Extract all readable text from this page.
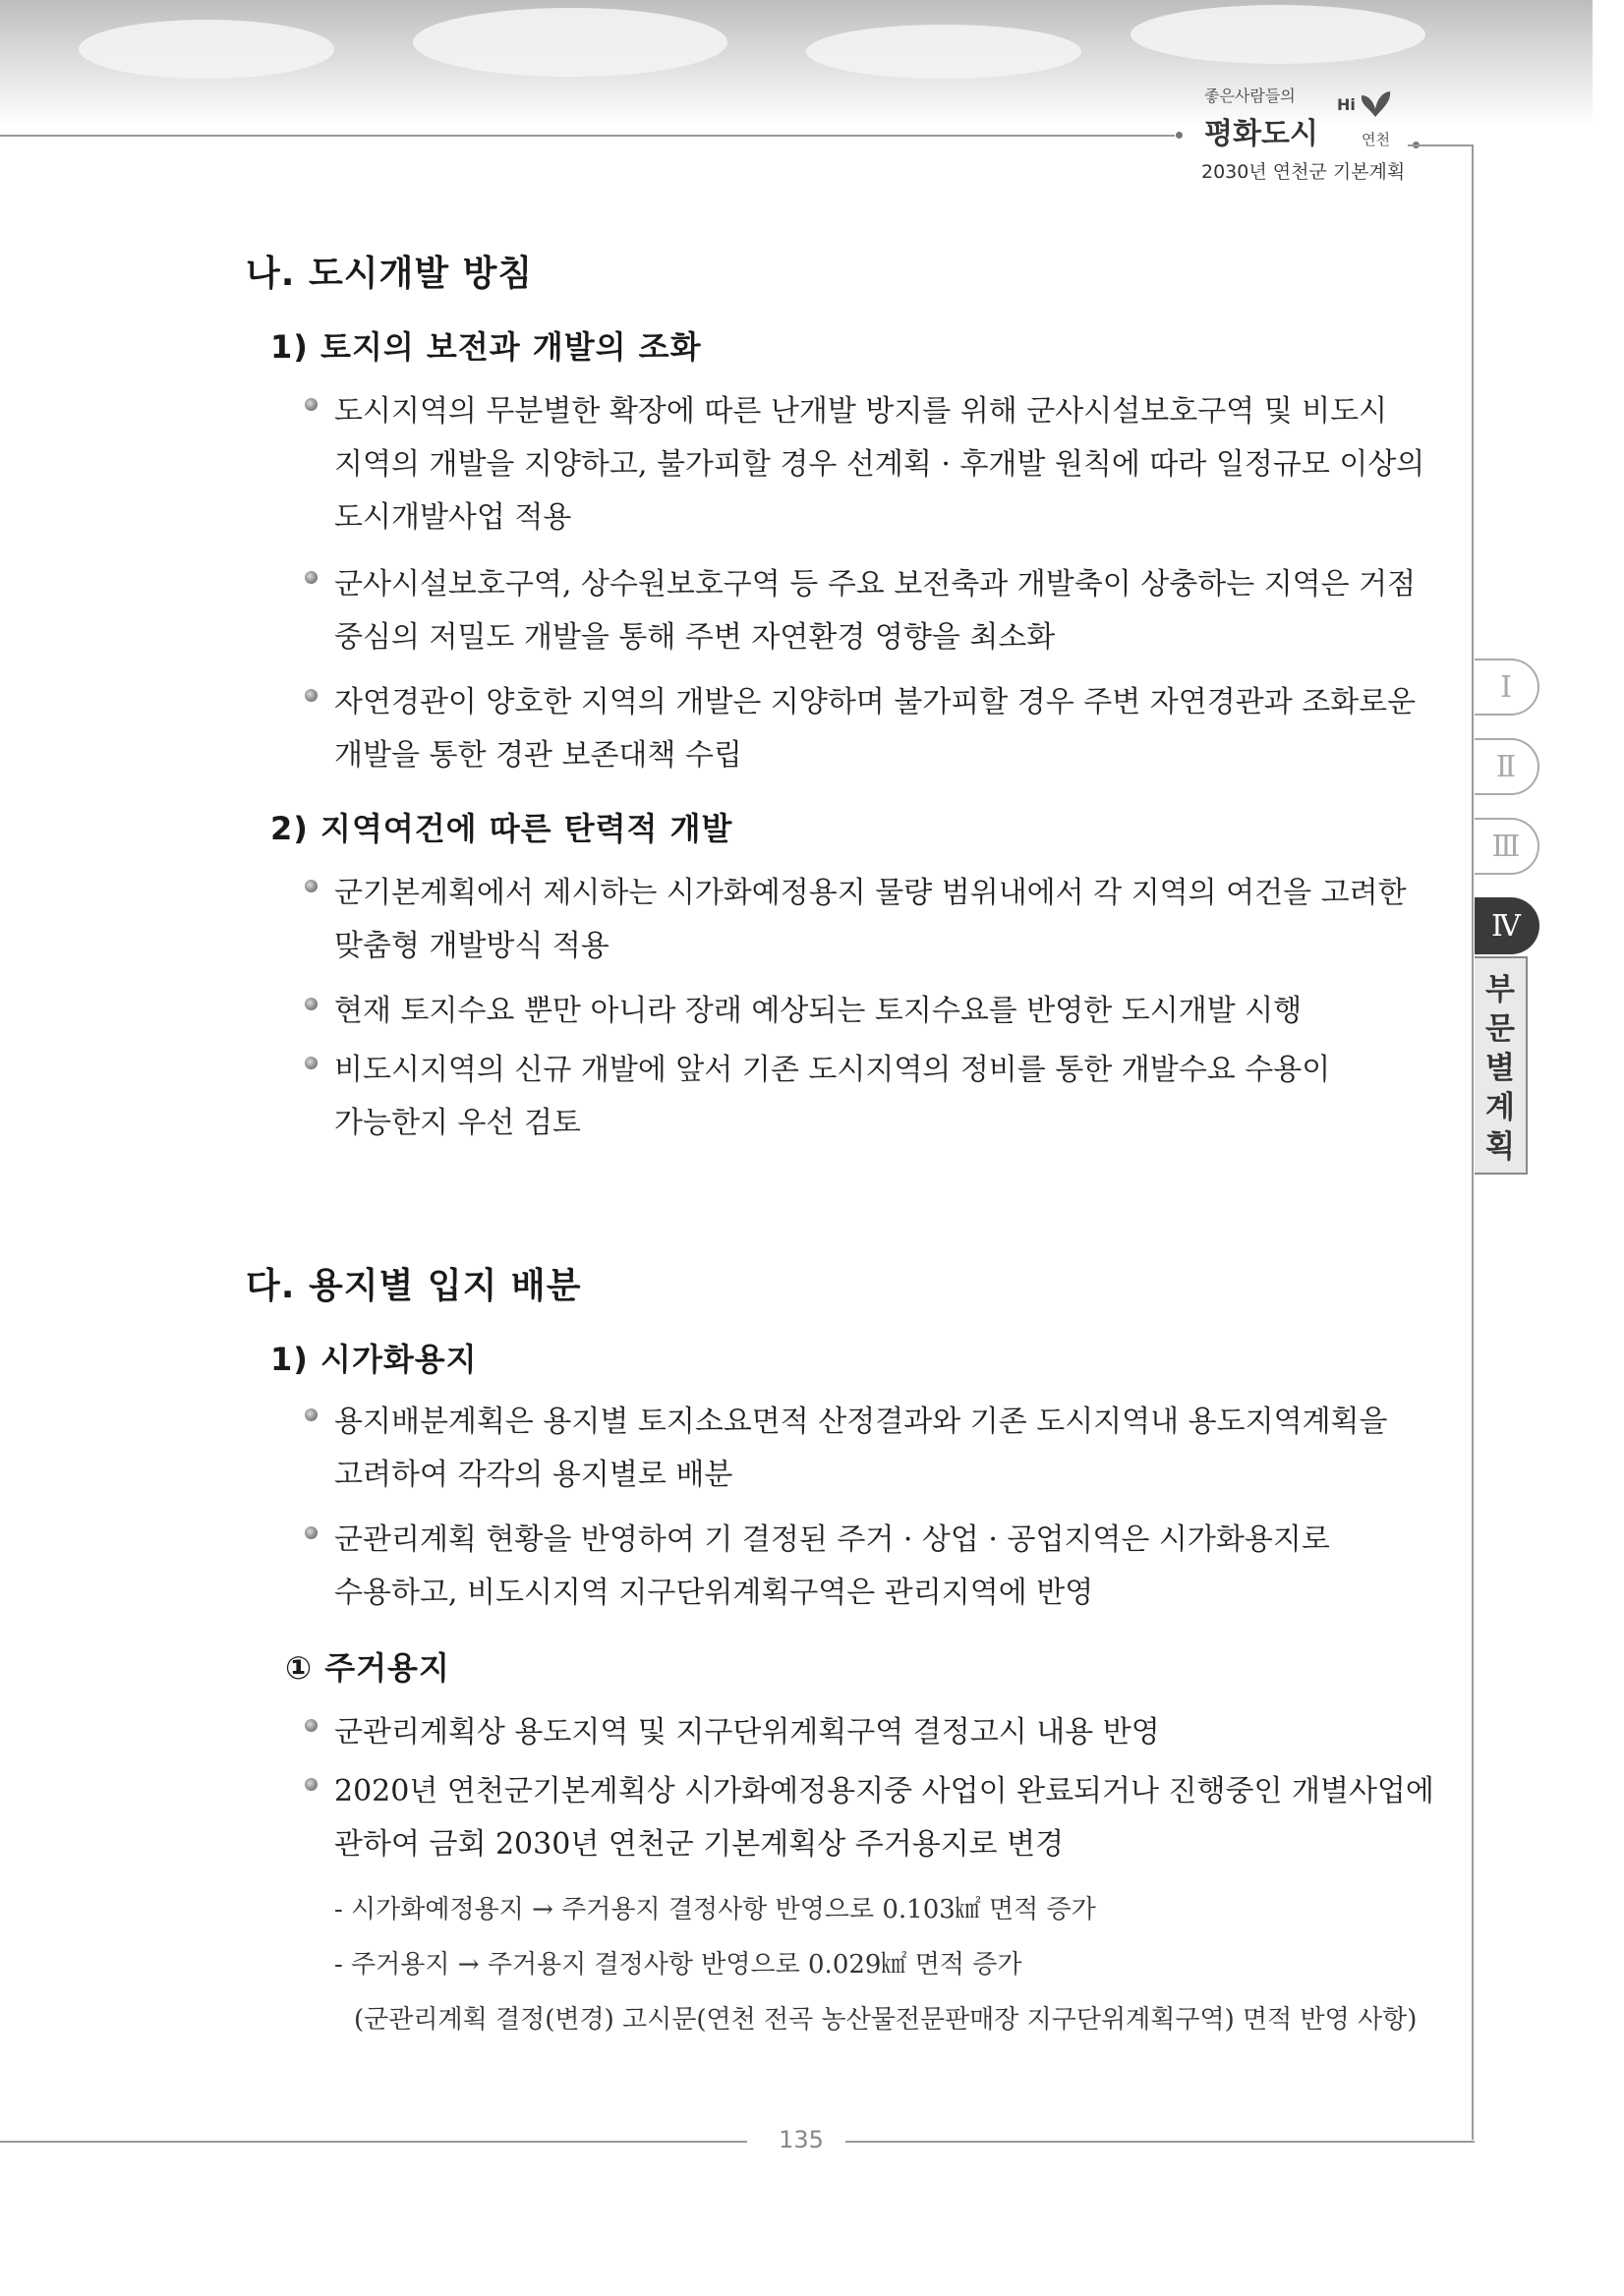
좋은사람들의
평화도시
Hi
연천
2030년 연천군 기본계획
Ⅰ
Ⅱ
Ⅲ
Ⅳ
부
문
별
계
획
나. 도시개발 방침
1) 토지의 보전과 개발의 조화
도시지역의 무분별한 확장에 따른 난개발 방지를 위해 군사시설보호구역 및 비도시 지역의 개발을 지양하고, 불가피할 경우 선계획 · 후개발 원칙에 따라 일정규모 이상의 도시개발사업 적용
군사시설보호구역, 상수원보호구역 등 주요 보전축과 개발축이 상충하는 지역은 거점 중심의 저밀도 개발을 통해 주변 자연환경 영향을 최소화
자연경관이 양호한 지역의 개발은 지양하며 불가피할 경우 주변 자연경관과 조화로운 개발을 통한 경관 보존대책 수립
2) 지역여건에 따른 탄력적 개발
군기본계획에서 제시하는 시가화예정용지 물량 범위내에서 각 지역의 여건을 고려한 맞춤형 개발방식 적용
현재 토지수요 뿐만 아니라 장래 예상되는 토지수요를 반영한 도시개발 시행
비도시지역의 신규 개발에 앞서 기존 도시지역의 정비를 통한 개발수요 수용이 가능한지 우선 검토
다. 용지별 입지 배분
1) 시가화용지
용지배분계획은 용지별 토지소요면적 산정결과와 기존 도시지역내 용도지역계획을 고려하여 각각의 용지별로 배분
군관리계획 현황을 반영하여 기 결정된 주거 · 상업 · 공업지역은 시가화용지로 수용하고, 비도시지역 지구단위계획구역은 관리지역에 반영
① 주거용지
군관리계획상 용도지역 및 지구단위계획구역 결정고시 내용 반영
2020년 연천군기본계획상 시가화예정용지중 사업이 완료되거나 진행중인 개별사업에 관하여 금회 2030년 연천군 기본계획상 주거용지로 변경
- 시가화예정용지 → 주거용지 결정사항 반영으로 0.103㎢ 면적 증가
- 주거용지 → 주거용지 결정사항 반영으로 0.029㎢ 면적 증가
(군관리계획 결정(변경) 고시문(연천 전곡 농산물전문판매장 지구단위계획구역) 면적 반영 사항)
135
